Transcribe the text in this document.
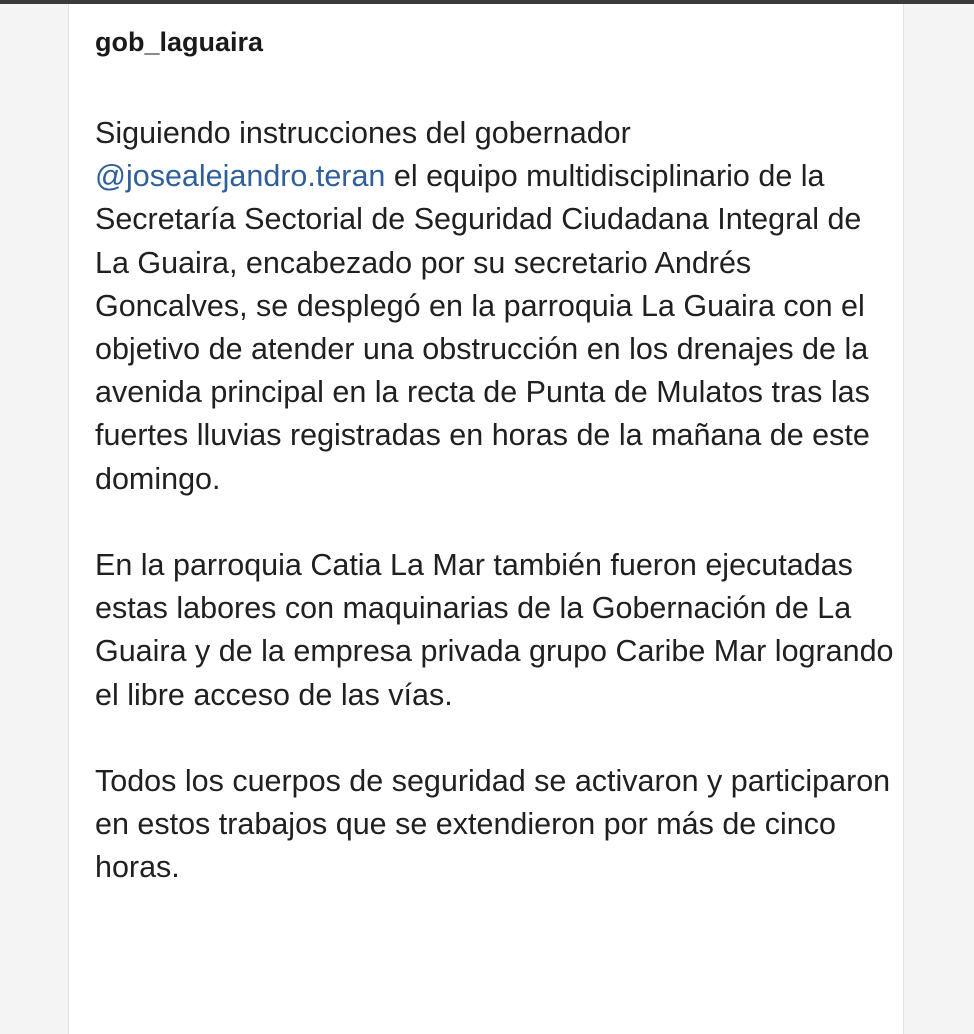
gob_laguaira

Siguiendo instrucciones del gobernador @josealejandro.teran el equipo multidisciplinario de la Secretaría Sectorial de Seguridad Ciudadana Integral de La Guaira, encabezado por su secretario Andrés Goncalves, se desplegó en la parroquia La Guaira con el objetivo de atender una obstrucción en los drenajes de la avenida principal en la recta de Punta de Mulatos tras las fuertes lluvias registradas en horas de la mañana de este domingo.

En la parroquia Catia La Mar también fueron ejecutadas estas labores con maquinarias de la Gobernación de La Guaira y de la empresa privada grupo Caribe Mar logrando el libre acceso de las vías.

Todos los cuerpos de seguridad se activaron y participaron en estos trabajos que se extendieron por más de cinco horas.
